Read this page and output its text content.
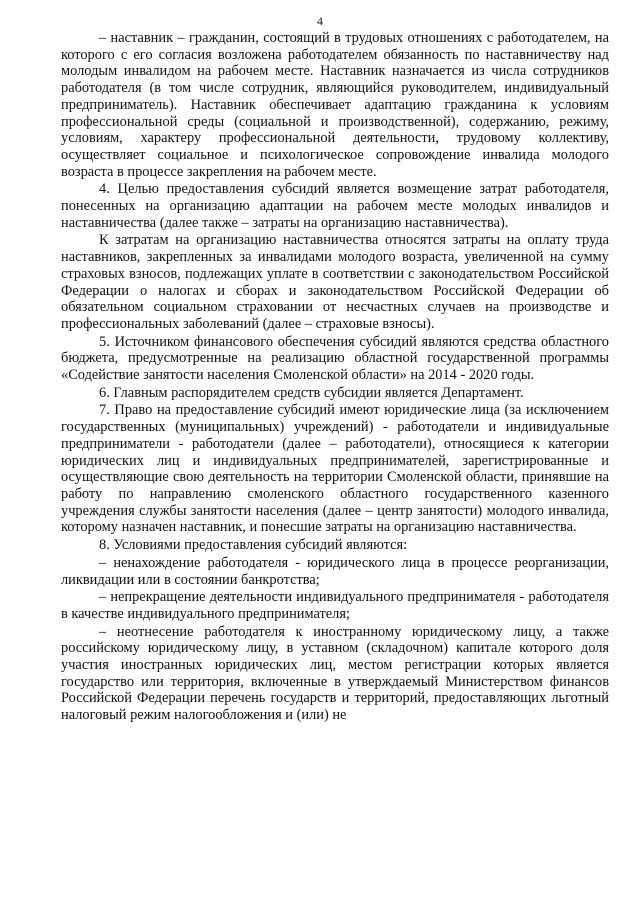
4

– наставник – гражданин, состоящий в трудовых отношениях с работодателем, на которого с его согласия возложена работодателем обязанность по наставничеству над молодым инвалидом на рабочем месте. Наставник назначается из числа сотрудников работодателя (в том числе сотрудник, являющийся руководителем, индивидуальный предприниматель). Наставник обеспечивает адаптацию гражданина к условиям профессиональной среды (социальной и производственной), содержанию, режиму, условиям, характеру профессиональной деятельности, трудовому коллективу, осуществляет социальное и психологическое сопровождение инвалида молодого возраста в процессе закрепления на рабочем месте.

4. Целью предоставления субсидий является возмещение затрат работодателя, понесенных на организацию адаптации на рабочем месте молодых инвалидов и наставничества (далее также – затраты на организацию наставничества).

К затратам на организацию наставничества относятся затраты на оплату труда наставников, закрепленных за инвалидами молодого возраста, увеличенной на сумму страховых взносов, подлежащих уплате в соответствии с законодательством Российской Федерации о налогах и сборах и законодательством Российской Федерации об обязательном социальном страховании от несчастных случаев на производстве и профессиональных заболеваний (далее – страховые взносы).

5. Источником финансового обеспечения субсидий являются средства областного бюджета, предусмотренные на реализацию областной государственной программы «Содействие занятости населения Смоленской области» на 2014 - 2020 годы.

6. Главным распорядителем средств субсидии является Департамент.

7. Право на предоставление субсидий имеют юридические лица (за исключением государственных (муниципальных) учреждений) - работодатели и индивидуальные предприниматели - работодатели (далее – работодатели), относящиеся к категории юридических лиц и индивидуальных предпринимателей, зарегистрированные и осуществляющие свою деятельность на территории Смоленской области, принявшие на работу по направлению смоленского областного государственного казенного учреждения службы занятости населения (далее – центр занятости) молодого инвалида, которому назначен наставник, и понесшие затраты на организацию наставничества.

8. Условиями предоставления субсидий являются:

– ненахождение работодателя - юридического лица в процессе реорганизации, ликвидации или в состоянии банкротства;

– непрекращение деятельности индивидуального предпринимателя - работодателя в качестве индивидуального предпринимателя;

– неотнесение работодателя к иностранному юридическому лицу, а также российскому юридическому лицу, в уставном (складочном) капитале которого доля участия иностранных юридических лиц, местом регистрации которых является государство или территория, включенные в утверждаемый Министерством финансов Российской Федерации перечень государств и территорий, предоставляющих льготный налоговый режим налогообложения и (или) не
